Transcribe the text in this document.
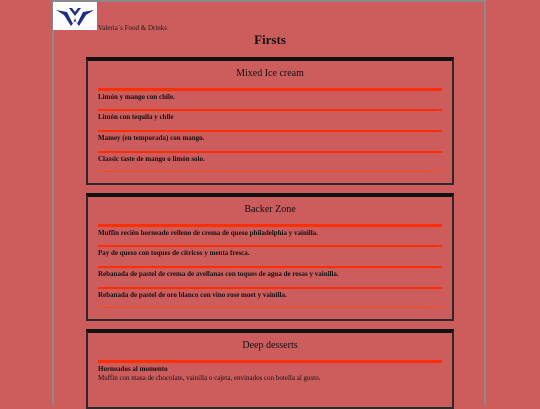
Valeria´s Food & Drinks
Firsts
Mixed Ice cream
Limón y mango con chile.
Limón con tequila y chile
Mamey (en temporada) con mango.
Classic taste de mango o limón solo.
Backer Zone
Muffin recién horneado relleno de crema de queso philadelphia y vainilla.
Pay de queso con toques de cítricos y menta fresca.
Rebanada de pastel de crema de avellanas con toques de agua de rosas y vainilla.
Rebanada de pastel de oro blanco con vino rose moet y vainilla.
Deep desserts
Horneados al momento
Muffin con masa de chocolate, vainilla o cajeta, envinados con botella al gusto.
